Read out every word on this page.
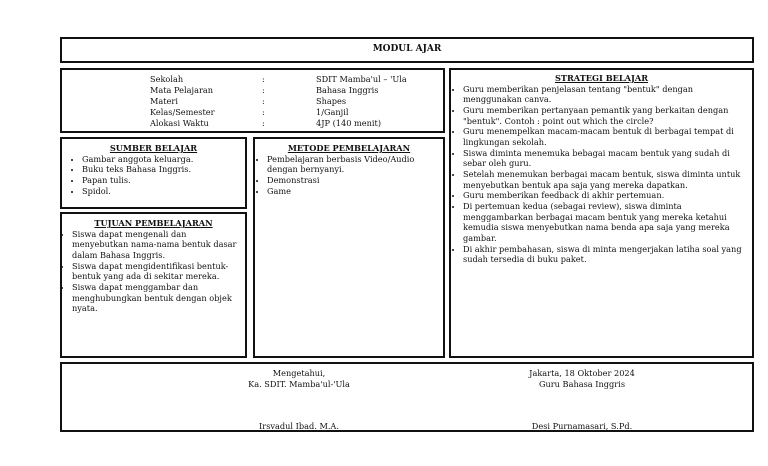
MODUL AJAR
Sekolah	:	SDIT Mamba'ul – 'Ula
Mata Pelajaran	:	Bahasa Inggris
Materi	:	Shapes
Kelas/Semester	:	1/Ganjil
Alokasi Waktu	:	4JP (140 menit)
SUMBER BELAJAR
• Gambar anggota keluarga.
• Buku teks Bahasa Inggris.
• Papan tulis.
• Spidol.
METODE PEMBELAJARAN
• Pembelajaran berbasis Video/Audio dengan bernyanyi.
• Demonstrasi
• Game
TUJUAN PEMBELAJARAN
• Siswa dapat mengenali dan menyebutkan nama-nama bentuk dasar dalam Bahasa Inggris.
• Siswa dapat mengidentifikasi bentuk-bentuk yang ada di sekitar mereka.
• Siswa dapat menggambar dan menghubungkan bentuk dengan objek nyata.
STRATEGI BELAJAR
• Guru memberikan penjelasan tentang "bentuk" dengan menggunakan canva.
• Guru memberikan pertanyaan pemantik yang berkaitan dengan "bentuk". Contoh : point out which the circle?
• Guru menempelkan macam-macam bentuk di berbagai tempat di lingkungan sekolah.
• Siswa diminta menemuka bebagai macam bentuk yang sudah di sebar oleh guru.
• Setelah menemukan berbagai macam bentuk, siswa diminta untuk menyebutkan bentuk apa saja yang mereka dapatkan.
• Guru memberikan feedback di akhir pertemuan.
• Di pertemuan kedua (sebagai review), siswa diminta menggambarkan berbagai macam bentuk yang mereka ketahui kemudia siswa menyebutkan nama benda apa saja yang mereka gambar.
• Di akhir pembahasan, siswa di minta mengerjakan latiha soal yang sudah tersedia di buku paket.
Mengetahui,
Ka. SDIT. Mamba'ul-'Ula
Irsvadul Ibad. M.A.
Jakarta, 18 Oktober 2024
Guru Bahasa Inggris
Desi Purnamasari, S.Pd.
